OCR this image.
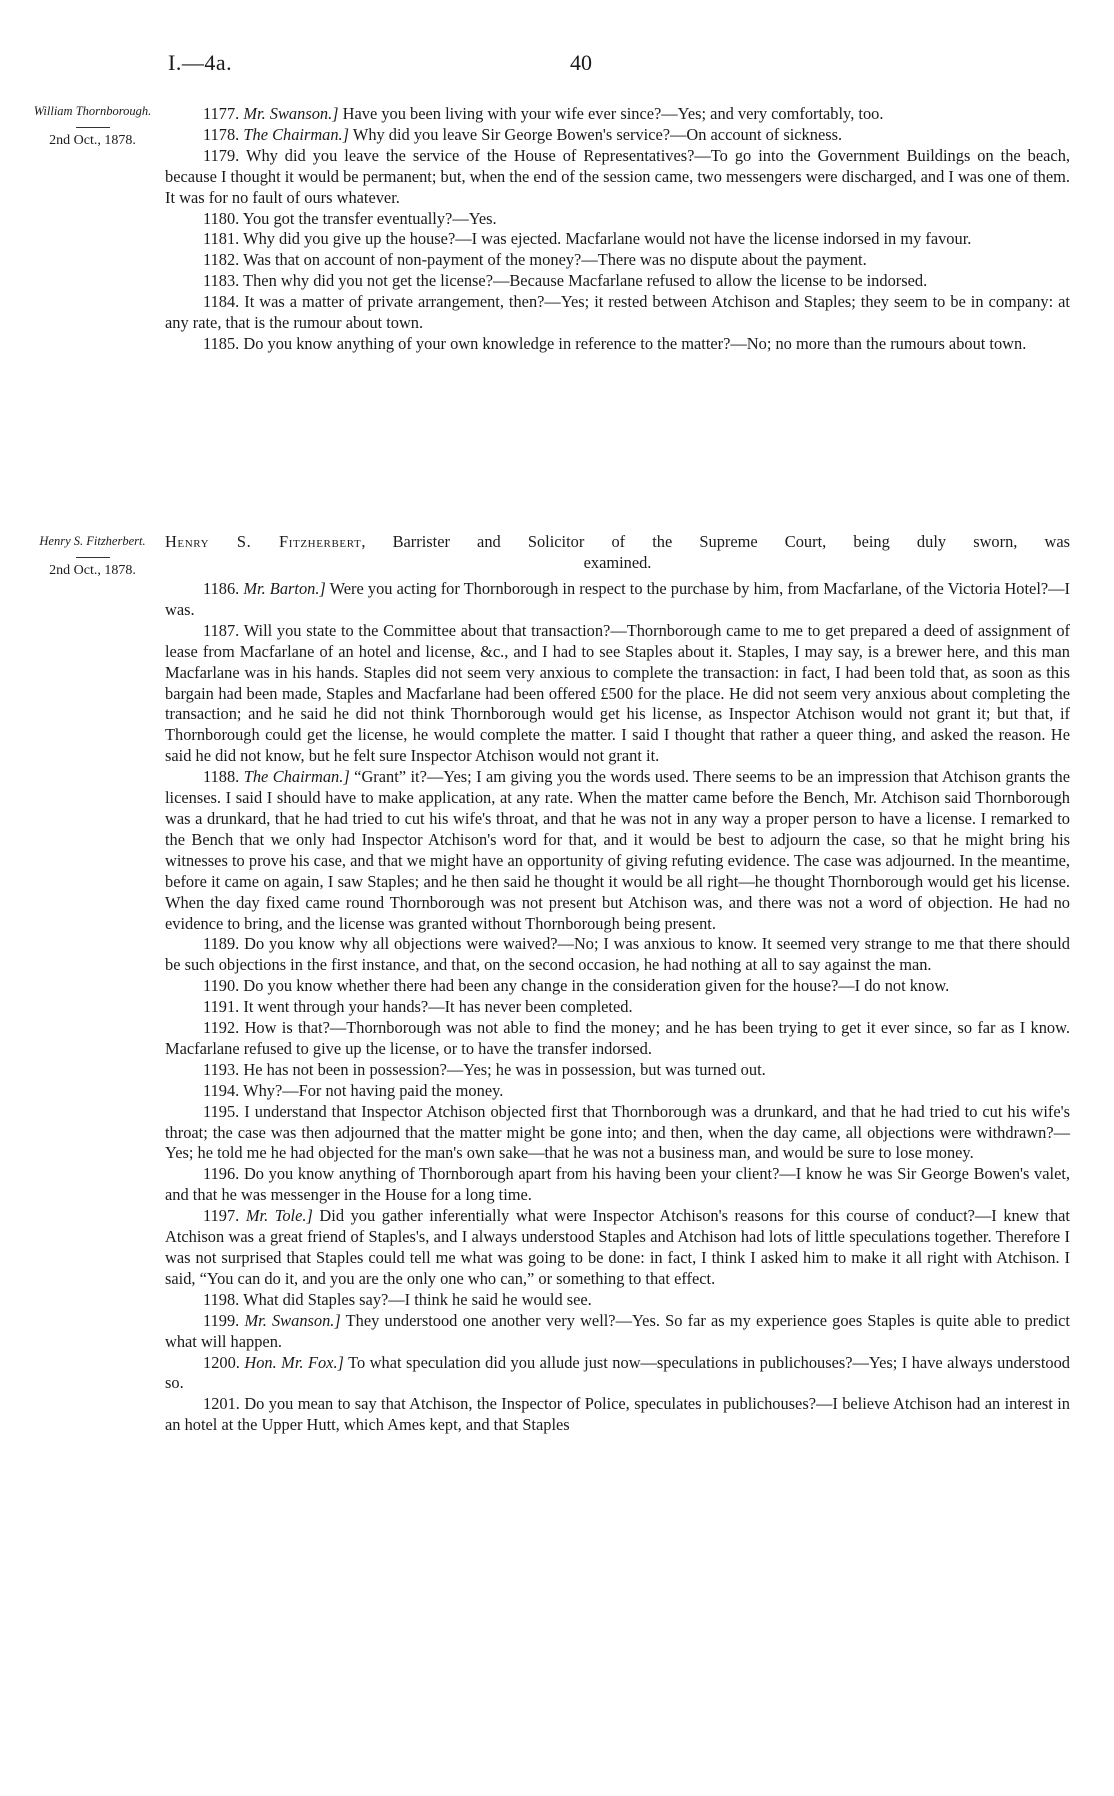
I.—4a.	40
William Thornborough.
2nd Oct., 1878.

1177. Mr. Swanson.] Have you been living with your wife ever since?—Yes; and very comfortably, too.

1178. The Chairman.] Why did you leave Sir George Bowen's service?—On account of sickness.

1179. Why did you leave the service of the House of Representatives?—To go into the Government Buildings on the beach, because I thought it would be permanent; but, when the end of the session came, two messengers were discharged, and I was one of them. It was for no fault of ours whatever.

1180. You got the transfer eventually?—Yes.

1181. Why did you give up the house?—I was ejected. Macfarlane would not have the license indorsed in my favour.

1182. Was that on account of non-payment of the money?—There was no dispute about the payment.

1183. Then why did you not get the license?—Because Macfarlane refused to allow the license to be indorsed.

1184. It was a matter of private arrangement, then?—Yes; it rested between Atchison and Staples; they seem to be in company: at any rate, that is the rumour about town.

1185. Do you know anything of your own knowledge in reference to the matter?—No; no more than the rumours about town.

Henry S. Fitzherbert.
2nd Oct., 1878.
Henry S. Fitzherbert, Barrister and Solicitor of the Supreme Court, being duly sworn, was
examined.

1186. Mr. Barton.] Were you acting for Thornborough in respect to the purchase by him, from Macfarlane, of the Victoria Hotel?—I was.

1187. Will you state to the Committee about that transaction?—Thornborough came to me to get prepared a deed of assignment of lease from Macfarlane of an hotel and license, &c., and I had to see Staples about it. Staples, I may say, is a brewer here, and this man Macfarlane was in his hands. Staples did not seem very anxious to complete the transaction: in fact, I had been told that, as soon as this bargain had been made, Staples and Macfarlane had been offered £500 for the place. He did not seem very anxious about completing the transaction; and he said he did not think Thornborough would get his license, as Inspector Atchison would not grant it; but that, if Thornborough could get the license, he would complete the matter. I said I thought that rather a queer thing, and asked the reason. He said he did not know, but he felt sure Inspector Atchison would not grant it.

1188. The Chairman.] “Grant” it?—Yes; I am giving you the words used. There seems to be an impression that Atchison grants the licenses. I said I should have to make application, at any rate. When the matter came before the Bench, Mr. Atchison said Thornborough was a drunkard, that he had tried to cut his wife's throat, and that he was not in any way a proper person to have a license. I remarked to the Bench that we only had Inspector Atchison's word for that, and it would be best to adjourn the case, so that he might bring his witnesses to prove his case, and that we might have an opportunity of giving refuting evidence. The case was adjourned. In the meantime, before it came on again, I saw Staples; and he then said he thought it would be all right—he thought Thornborough would get his license. When the day fixed came round Thornborough was not present but Atchison was, and there was not a word of objection. He had no evidence to bring, and the license was granted without Thornborough being present.

1189. Do you know why all objections were waived?—No; I was anxious to know. It seemed very strange to me that there should be such objections in the first instance, and that, on the second occasion, he had nothing at all to say against the man.

1190. Do you know whether there had been any change in the consideration given for the house?—I do not know.

1191. It went through your hands?—It has never been completed.

1192. How is that?—Thornborough was not able to find the money; and he has been trying to get it ever since, so far as I know. Macfarlane refused to give up the license, or to have the transfer indorsed.

1193. He has not been in possession?—Yes; he was in possession, but was turned out.

1194. Why?—For not having paid the money.

1195. I understand that Inspector Atchison objected first that Thornborough was a drunkard, and that he had tried to cut his wife's throat; the case was then adjourned that the matter might be gone into; and then, when the day came, all objections were withdrawn?—Yes; he told me he had objected for the man's own sake—that he was not a business man, and would be sure to lose money.

1196. Do you know anything of Thornborough apart from his having been your client?—I know he was Sir George Bowen's valet, and that he was messenger in the House for a long time.

1197. Mr. Tole.] Did you gather inferentially what were Inspector Atchison's reasons for this course of conduct?—I knew that Atchison was a great friend of Staples's, and I always understood Staples and Atchison had lots of little speculations together. Therefore I was not surprised that Staples could tell me what was going to be done: in fact, I think I asked him to make it all right with Atchison. I said, “You can do it, and you are the only one who can,” or something to that effect.

1198. What did Staples say?—I think he said he would see.

1199. Mr. Swanson.] They understood one another very well?—Yes. So far as my experience goes Staples is quite able to predict what will happen.

1200. Hon. Mr. Fox.] To what speculation did you allude just now—speculations in publichouses?—Yes; I have always understood so.

1201. Do you mean to say that Atchison, the Inspector of Police, speculates in publichouses?—I believe Atchison had an interest in an hotel at the Upper Hutt, which Ames kept, and that Staples
